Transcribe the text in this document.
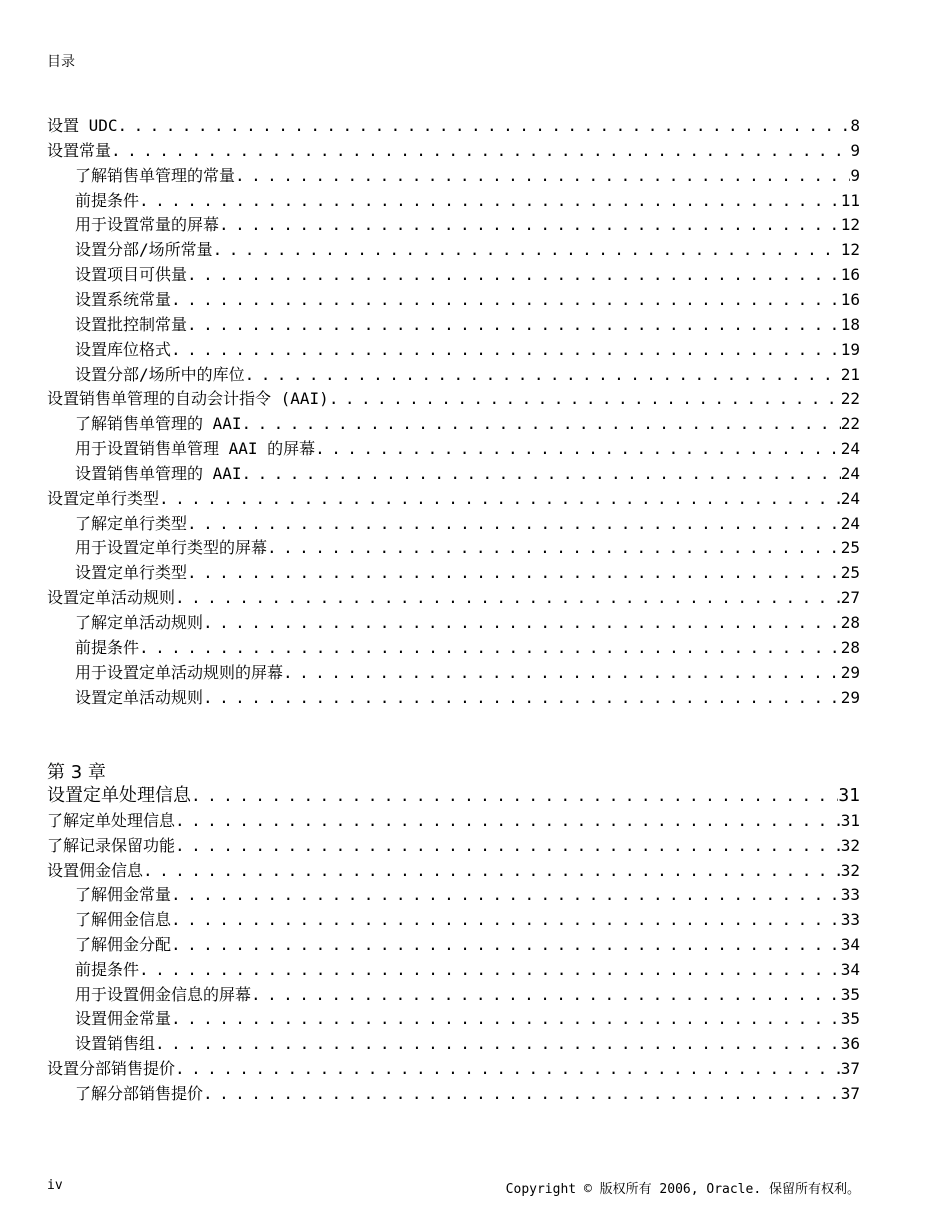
目录
设置 UDC . . .	8
设置常量 . . .	9
了解销售单管理的常量 . . .	9
前提条件 . . .	11
用于设置常量的屏幕 . . .	12
设置分部/场所常量 . . .	12
设置项目可供量 . . .	16
设置系统常量 . . .	16
设置批控制常量 . . .	18
设置库位格式 . . .	19
设置分部/场所中的库位 . . .	21
设置销售单管理的自动会计指令 (AAI) . . .	22
了解销售单管理的 AAI . . .	22
用于设置销售单管理 AAI 的屏幕 . . .	24
设置销售单管理的 AAI . . .	24
设置定单行类型 . . .	24
了解定单行类型 . . .	24
用于设置定单行类型的屏幕 . . .	25
设置定单行类型 . . .	25
设置定单活动规则 . . .	27
了解定单活动规则 . . .	28
前提条件 . . .	28
用于设置定单活动规则的屏幕 . . .	29
设置定单活动规则 . . .	29
第 3 章
设置定单处理信息 . . .	31
了解定单处理信息 . . .	31
了解记录保留功能 . . .	32
设置佣金信息 . . .	32
了解佣金常量 . . .	33
了解佣金信息 . . .	33
了解佣金分配 . . .	34
前提条件 . . .	34
用于设置佣金信息的屏幕 . . .	35
设置佣金常量 . . .	35
设置销售组 . . .	36
设置分部销售提价 . . .	37
了解分部销售提价 . . .	37
iv	Copyright © 版权所有 2006, Oracle. 保留所有权利。
